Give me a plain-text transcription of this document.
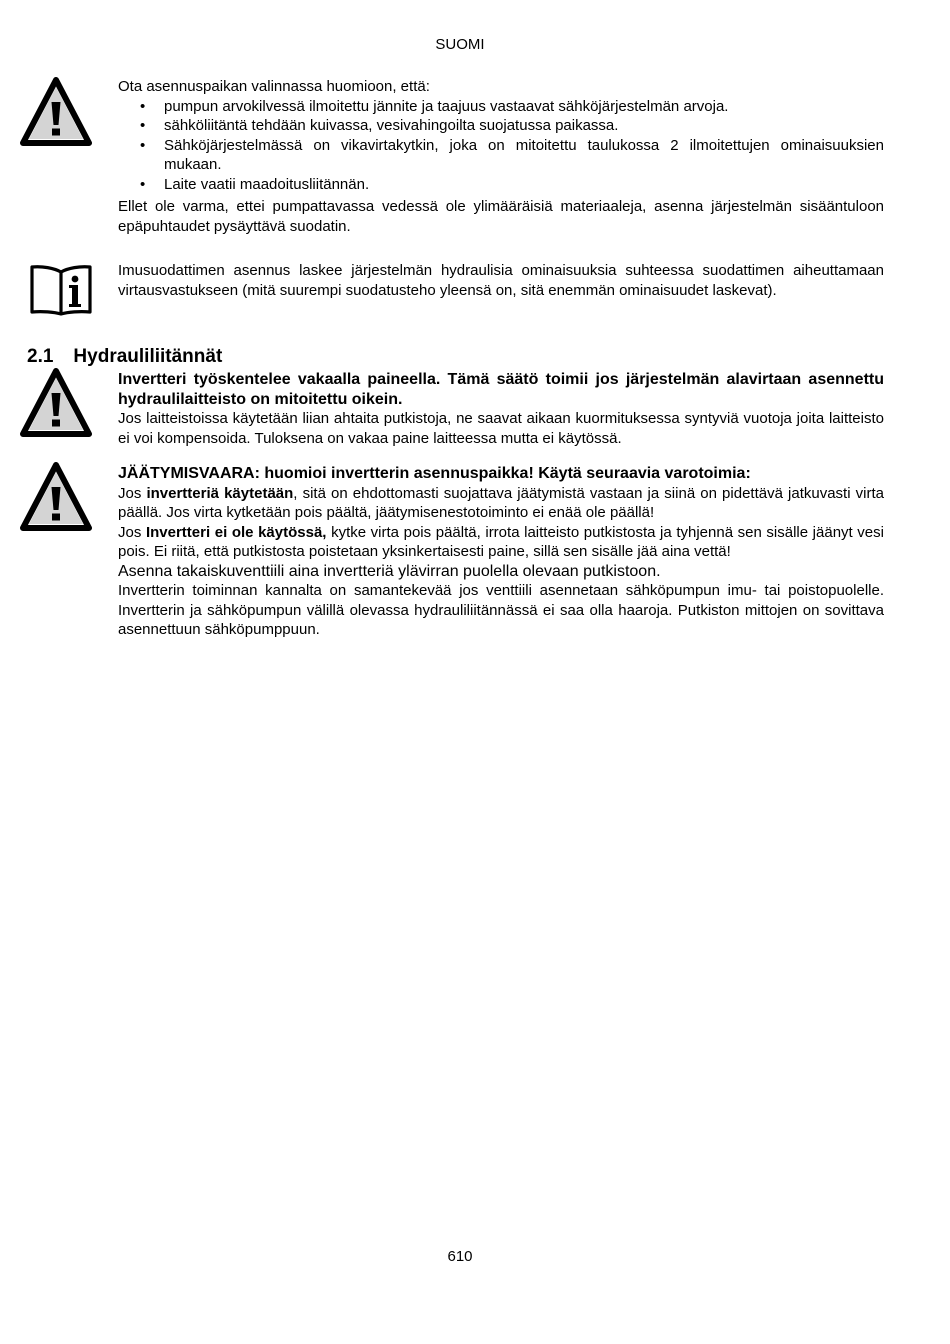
SUOMI
Ota asennuspaikan valinnassa huomioon, että:
• pumpun arvokilvessä ilmoitettu jännite ja taajuus vastaavat sähköjärjestelmän arvoja.
• sähköliitäntä tehdään kuivassa, vesivahingoilta suojatussa paikassa.
• Sähköjärjestelmässä on vikavirtakytkin, joka on mitoitettu taulukossa 2 ilmoitettujen ominaisuuksien mukaan.
• Laite vaatii maadoitusliitännän.
Ellet ole varma, ettei pumpattavassa vedessä ole ylimääräisiä materiaaleja, asenna järjestelmän sisääntuloon epäpuhtaudet pysäyttävä suodatin.
Imusuodattimen asennus laskee järjestelmän hydraulisia ominaisuuksia suhteessa suodattimen aiheuttamaan virtausvastukseen (mitä suurempi suodatusteho yleensä on, sitä enemmän ominaisuudet laskevat).
2.1 Hydrauliliitännät
Invertteri työskentelee vakaalla paineella. Tämä säätö toimii jos järjestelmän alavirtaan asennettu hydraulilaitteisto on mitoitettu oikein.
Jos laitteistoissa käytetään liian ahtaita putkistoja, ne saavat aikaan kuormituksessa syntyviä vuotoja joita laitteisto ei voi kompensoida. Tuloksena on vakaa paine laitteessa mutta ei käytössä.
JÄÄTYMISVAARA: huomioi invertterin asennuspaikka! Käytä seuraavia varotoimia:
Jos invertteriä käytetään, sitä on ehdottomasti suojattava jäätymistä vastaan ja siinä on pidettävä jatkuvasti virta päällä. Jos virta kytketään pois päältä, jäätymisenestotoiminto ei enää ole päällä!
Jos Invertteri ei ole käytössä, kytke virta pois päältä, irrota laitteisto putkistosta ja tyhjennä sen sisälle jäänyt vesi pois. Ei riitä, että putkistosta poistetaan yksinkertaisesti paine, sillä sen sisälle jää aina vettä!
Asenna takaiskuventtiili aina invertteriä ylävirran puolella olevaan putkistoon.
Invertterin toiminnan kannalta on samantekevää jos venttiili asennetaan sähköpumpun imu- tai poistopuolelle. Invertterin ja sähköpumpun välillä olevassa hydrauliliitännässä ei saa olla haaroja. Putkiston mittojen on sovittava asennettuun sähköpumppuun.
610
